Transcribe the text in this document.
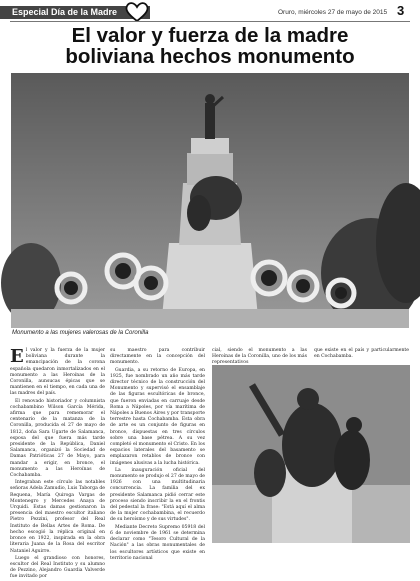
Especial Día de la Madre	Oruro, miércoles 27 de mayo de 2015 3
El valor y fuerza de la madre
boliviana hechos monumento
Monumento a las mujeres valerosas de la Coronilla

El valor y la fuerza de la mujer boliviana durante la emancipación de la corona española quedaron inmortalizados en el monumento a las Heroínas de la Coronilla, aunsucas épicas que se mantienen en el tiempo, en cada una de las madres del país.

El renovado historiador y columnista cochabambino Wilson García Mérida, afirma que para rememorar el centenario de la matanza de la Coronilla, producida el 27 de mayo de 1812, doña Sara Ugarte de Salamanca, esposa del que fuera más tarde presidente de la República, Daniel Salamanca, organizó la Sociedad de Damas Patrióticas 27 de Mayo, para mandar a erigir, en bronce, el monumento a las Heroínas de Cochabamba.

Integraban este círculo las notables señoras Adela Zamudio, Luis Taborga de Requena, María Quiroga Vargas de Montenegro y Mercedes Anaya de Urquidi. Estas damas gestionaron la presencia del maestro escultor italiano Pietro Pezzini, profesor del Real Instituto de Bellas Artes de Roma. De hecho escogió la réplica original en bronce en 1922, inspirada en la obra literaria Juana de la Rosa del escritor Nataniel Aguirre.

Luego el grandioso con honores, escultor del Real Instituto y su alumno de Pezzino, Alejandro Guardia Valverde fue invitado por

su maestro para contribuir directamente en la concepción del monumento.

Guardia, a su retorno de Europa, en 1925, fue nombrado un año más tarde director técnico de la construcción del Monumento y supervisó el ensamblaje de las figuras escultóricas de bronce, que fueron enviadas en carruaje desde Roma a Nápoles, por vía marítima de Nápoles a Buenos Aires y por transporte terrestre hasta Cochabamba. Esta obra de arte es un conjunto de figuras en bronce, dispuestas en tres círculos sobre una base pétrea. A su vez completó el monumento el Cristo. En los espacios laterales del basamento se emplazaron retablos de bronce con imágenes alusivas a la lucha histórica.

La inauguración oficial del monumento se produjo el 27 de mayo de 1926 con una multitudinaria concurrencia. La familia del ex presidente Salamanca pidió cerrar este proceso siendo inscribir la en el frontis del pedestal la frase: "Está aquí el alma de la mujer cochabambina, el recuerdo de su heroísmo y de sus virtudes".

Mediante Decreto Supremo 05918 del 6 de noviembre de 1961 se determina declarar como "Tesoro Cultural de la Nación" a las obras monumentales de los escultores artísticos que existe en territorio nacional

cial, siendo el monumento a las Heroínas de la Coronilla, uno de los más representativos

que existe en el país y particularmente en Cochabamba.
